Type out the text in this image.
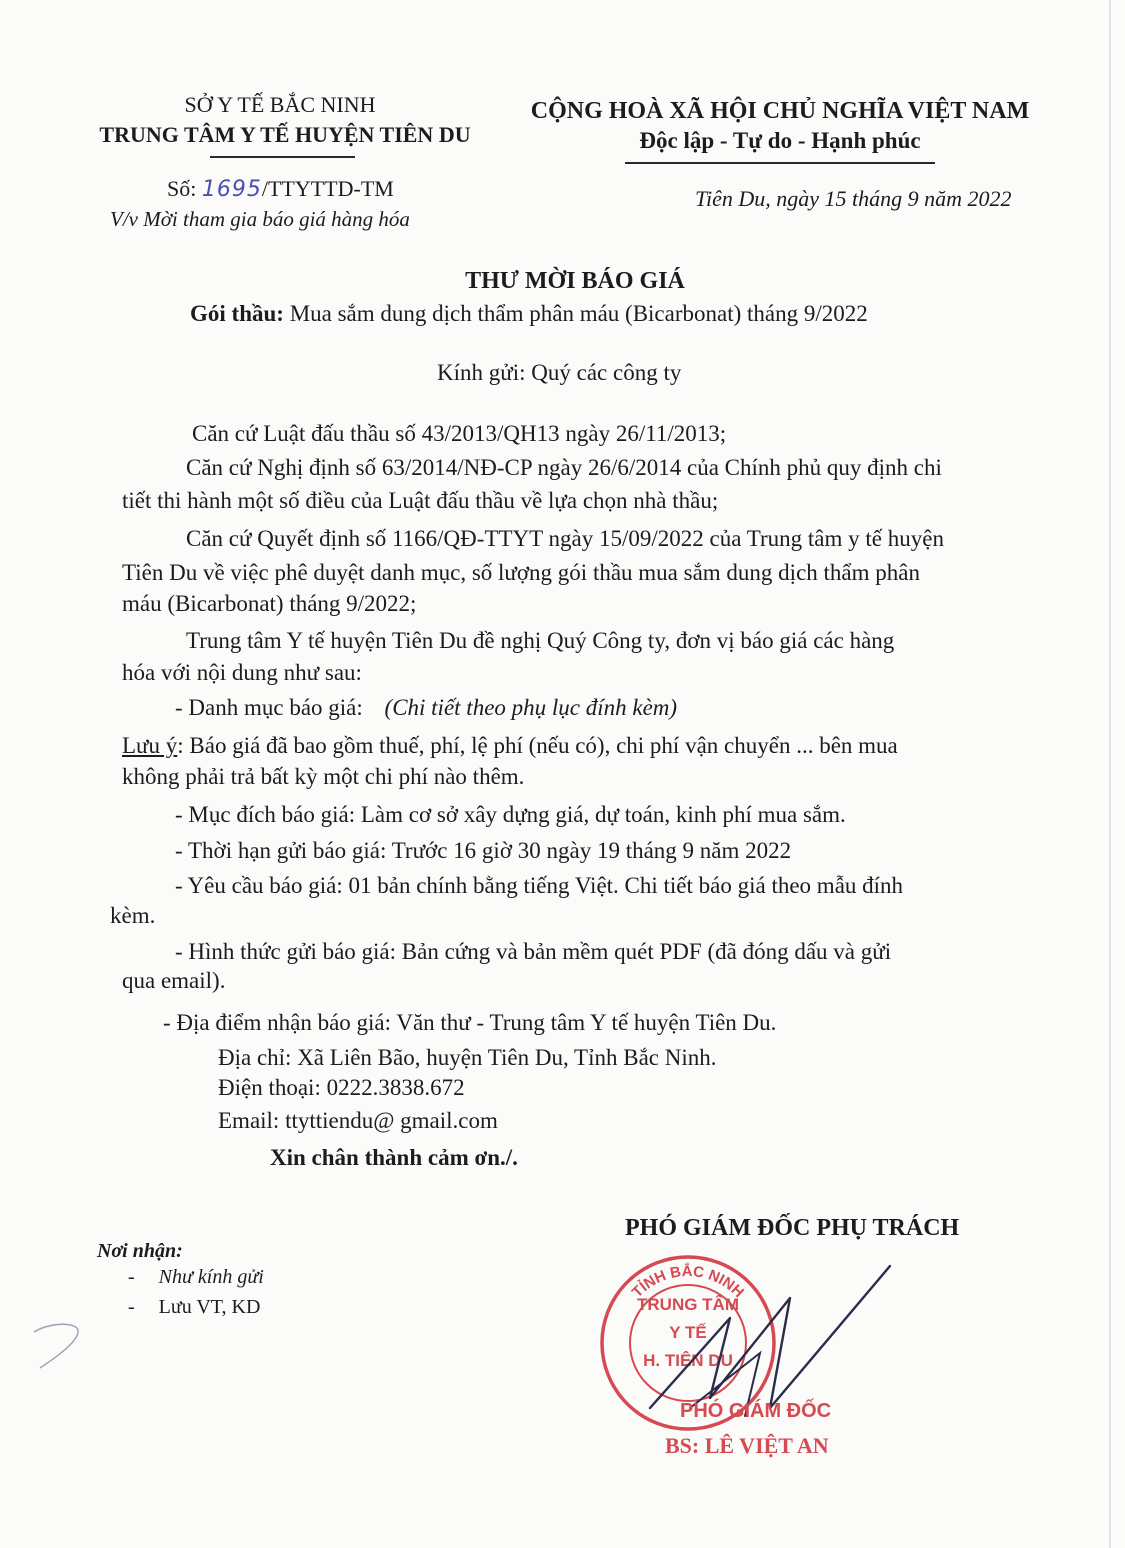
SỞ Y TẾ BẮC NINH
TRUNG TÂM Y TẾ HUYỆN TIÊN DU
Số: 1695/TTYTTD-TM
V/v Mời tham gia báo giá hàng hóa
CỘNG HOÀ XÃ HỘI CHỦ NGHĨA VIỆT NAM
Độc lập - Tự do - Hạnh phúc
Tiên Du, ngày 15 tháng 9 năm 2022
THƯ MỜI BÁO GIÁ
Gói thầu: Mua sắm dung dịch thẩm phân máu (Bicarbonat) tháng 9/2022
Kính gửi: Quý các công ty
Căn cứ Luật đấu thầu số 43/2013/QH13 ngày 26/11/2013;
Căn cứ Nghị định số 63/2014/NĐ-CP ngày 26/6/2014 của Chính phủ quy định chi
tiết thi hành một số điều của Luật đấu thầu về lựa chọn nhà thầu;
Căn cứ Quyết định số 1166/QĐ-TTYT ngày 15/09/2022 của Trung tâm y tế huyện
Tiên Du về việc phê duyệt danh mục, số lượng gói thầu mua sắm dung dịch thẩm phân
máu (Bicarbonat) tháng 9/2022;
Trung tâm Y tế huyện Tiên Du đề nghị Quý Công ty, đơn vị báo giá các hàng
hóa với nội dung như sau:
- Danh mục báo giá: (Chi tiết theo phụ lục đính kèm)
Lưu ý: Báo giá đã bao gồm thuế, phí, lệ phí (nếu có), chi phí vận chuyển ... bên mua
không phải trả bất kỳ một chi phí nào thêm.
- Mục đích báo giá: Làm cơ sở xây dựng giá, dự toán, kinh phí mua sắm.
- Thời hạn gửi báo giá: Trước 16 giờ 30 ngày 19 tháng 9 năm 2022
- Yêu cầu báo giá: 01 bản chính bằng tiếng Việt. Chi tiết báo giá theo mẫu đính
kèm.
- Hình thức gửi báo giá: Bản cứng và bản mềm quét PDF (đã đóng dấu và gửi
qua email).
- Địa điểm nhận báo giá: Văn thư - Trung tâm Y tế huyện Tiên Du.
Địa chỉ: Xã Liên Bão, huyện Tiên Du, Tỉnh Bắc Ninh.
Điện thoại: 0222.3838.672
Email: ttyttiendu@ gmail.com
Xin chân thành cảm ơn./.
Nơi nhận:
- Như kính gửi
- Lưu VT, KD
PHÓ GIÁM ĐỐC PHỤ TRÁCH
TỈNH BẮC NINH
TRUNG TÂM
Y TẾ
H. TIÊN DU
PHÓ GIÁM ĐỐC
BS: LÊ VIỆT AN
